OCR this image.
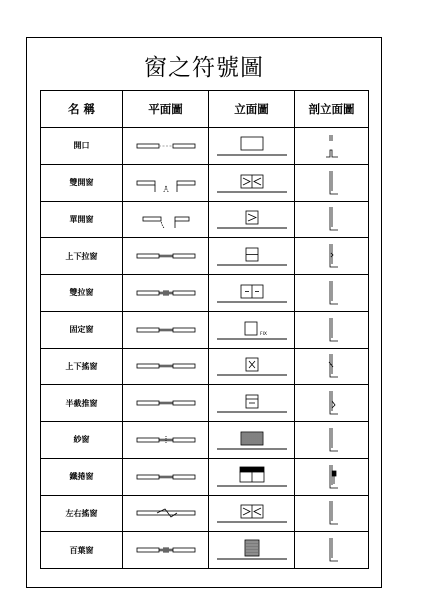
窗之符號圖
名 稱	平面圖	立面圖	剖立面圖
開口	

雙開窗	

單開窗	

上下拉窗	

雙拉窗	

固定窗		FIX

上下搖窗	

半截推窗	

紗窗	

鐵捲窗	

左右搖窗	

百葉窗	
